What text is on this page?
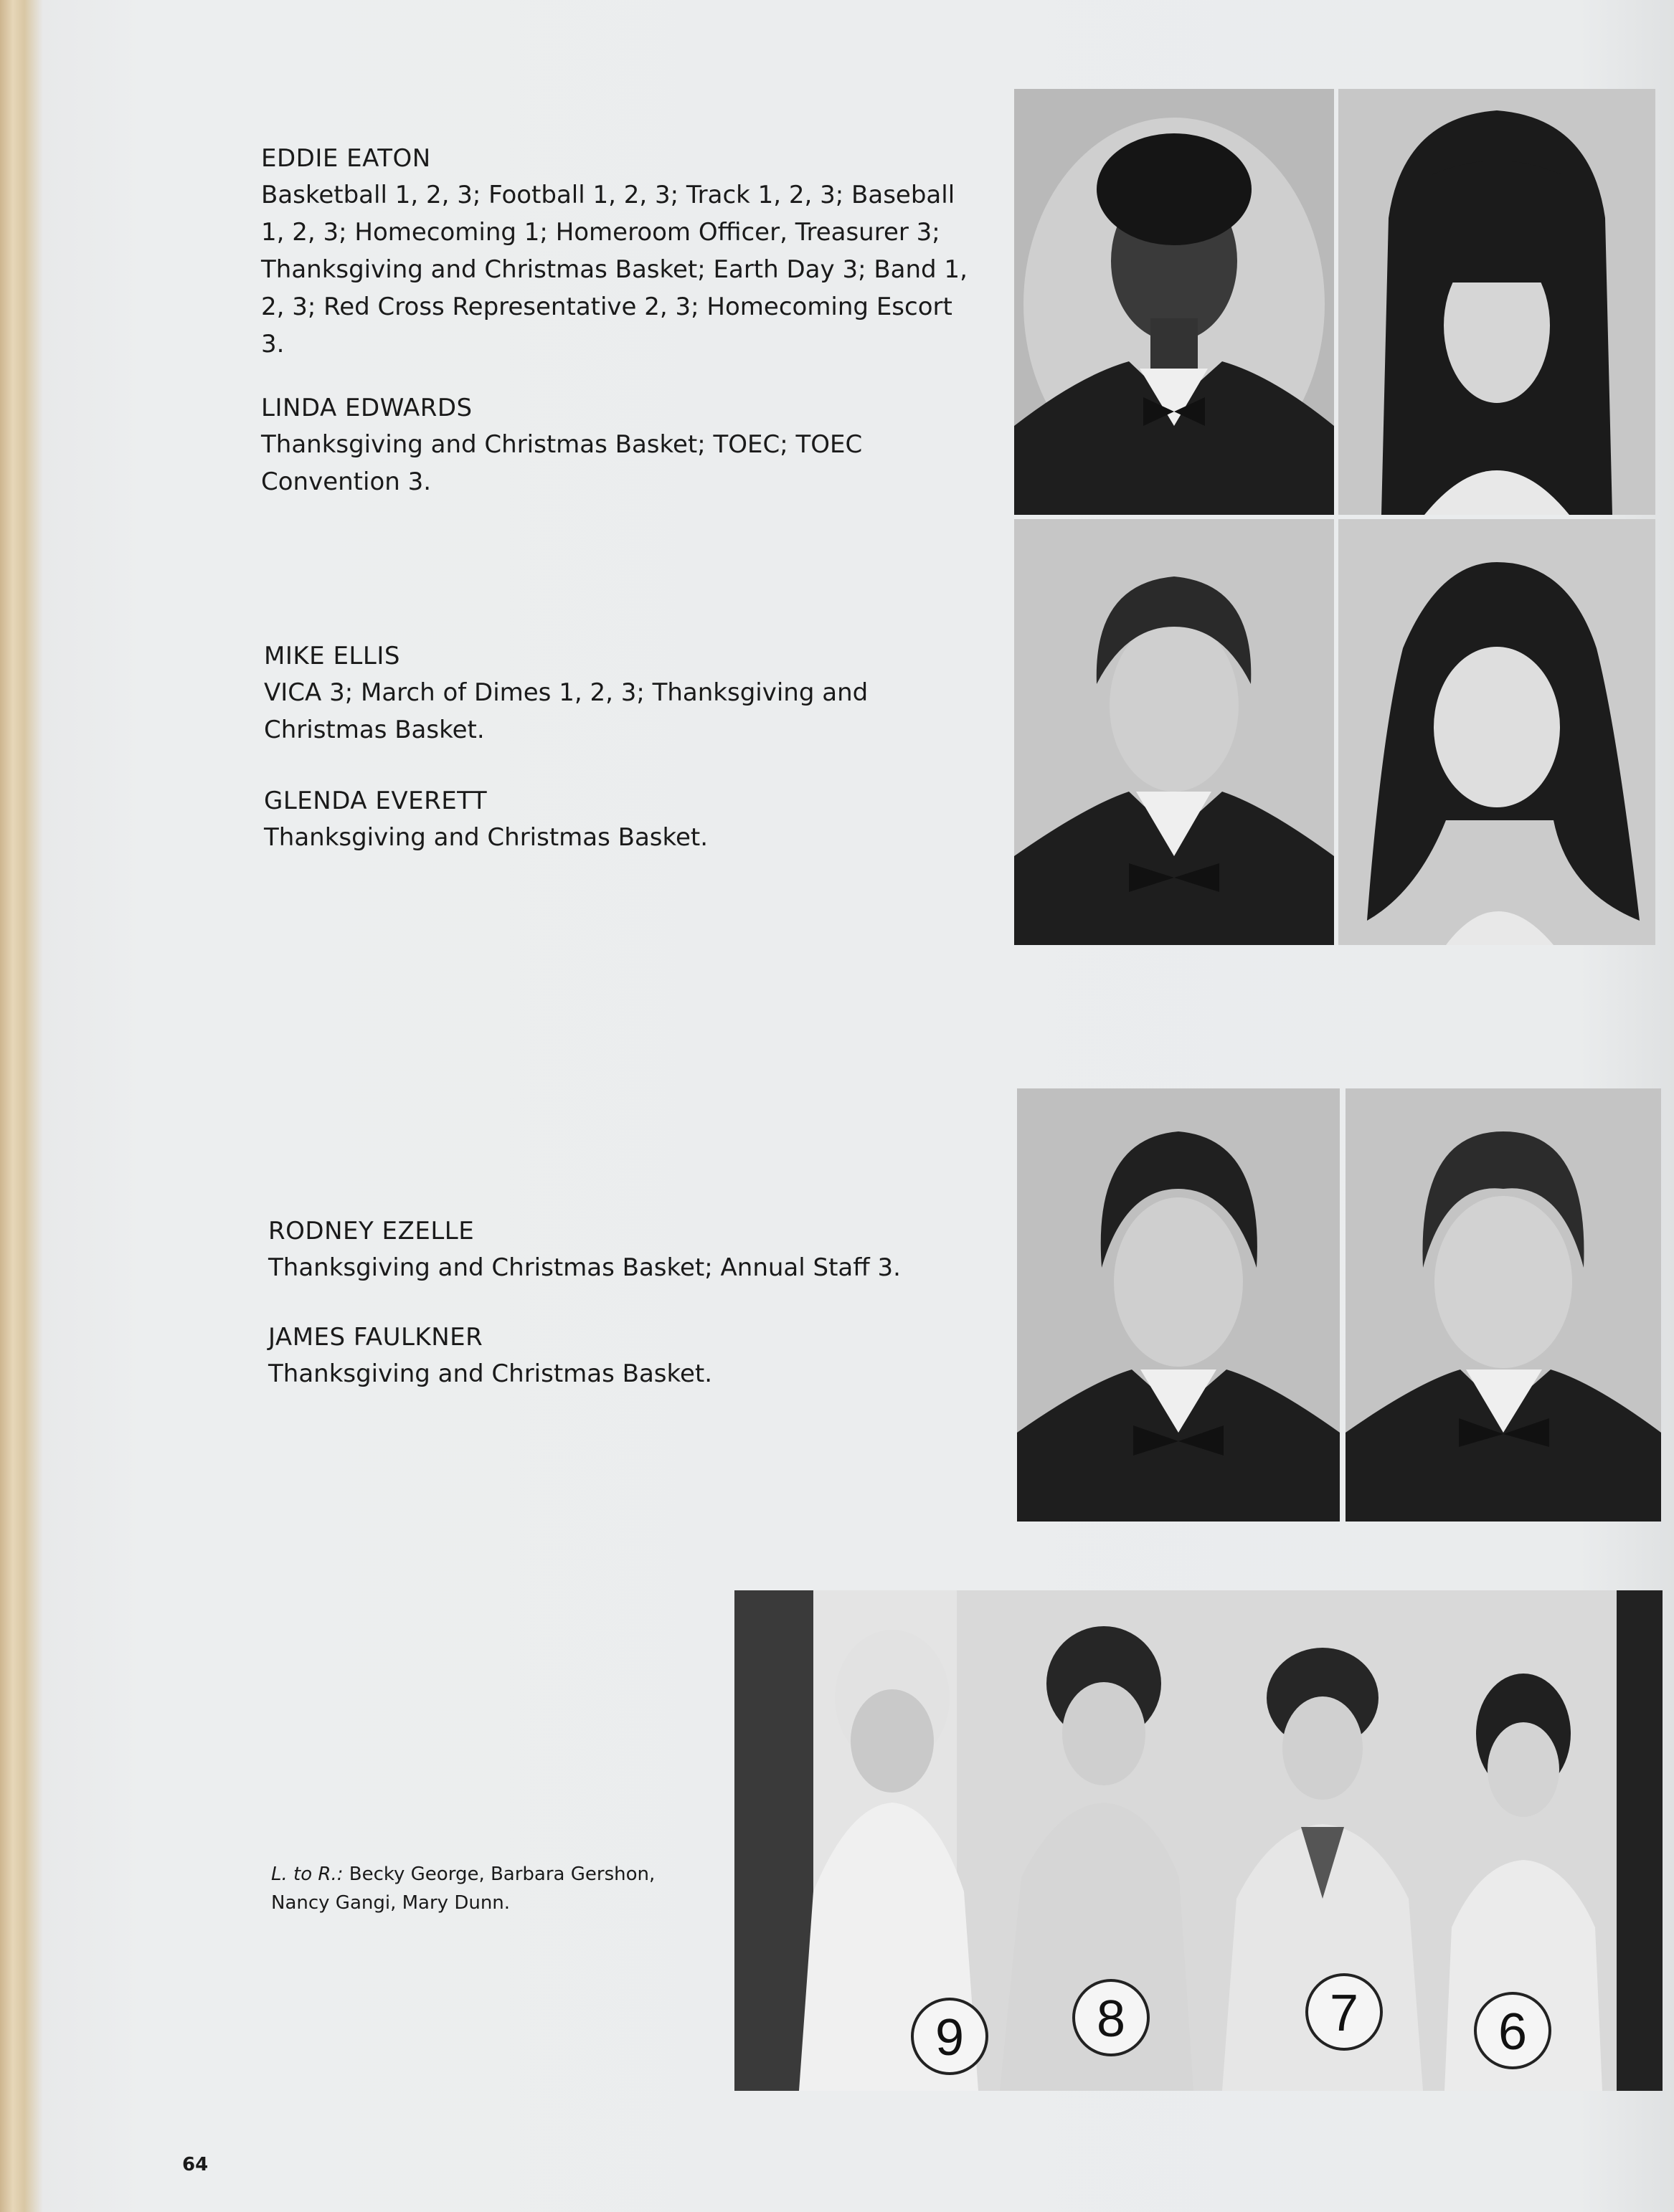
EDDIE EATON
Basketball 1, 2, 3; Football 1, 2, 3; Track 1, 2, 3; Baseball 1, 2, 3; Homecoming 1; Homeroom Officer, Treasurer 3; Thanksgiving and Christmas Basket; Earth Day 3; Band 1, 2, 3; Red Cross Representative 2, 3; Homecoming Escort 3.
LINDA EDWARDS
Thanksgiving and Christmas Basket; TOEC; TOEC Convention 3.
MIKE ELLIS
VICA 3; March of Dimes 1, 2, 3; Thanksgiving and Christmas Basket.
GLENDA EVERETT
Thanksgiving and Christmas Basket.
RODNEY EZELLE
Thanksgiving and Christmas Basket; Annual Staff 3.
JAMES FAULKNER
Thanksgiving and Christmas Basket.
9	8	7	6
L. to R.: Becky George, Barbara Gershon, Nancy Gangi, Mary Dunn.
64
